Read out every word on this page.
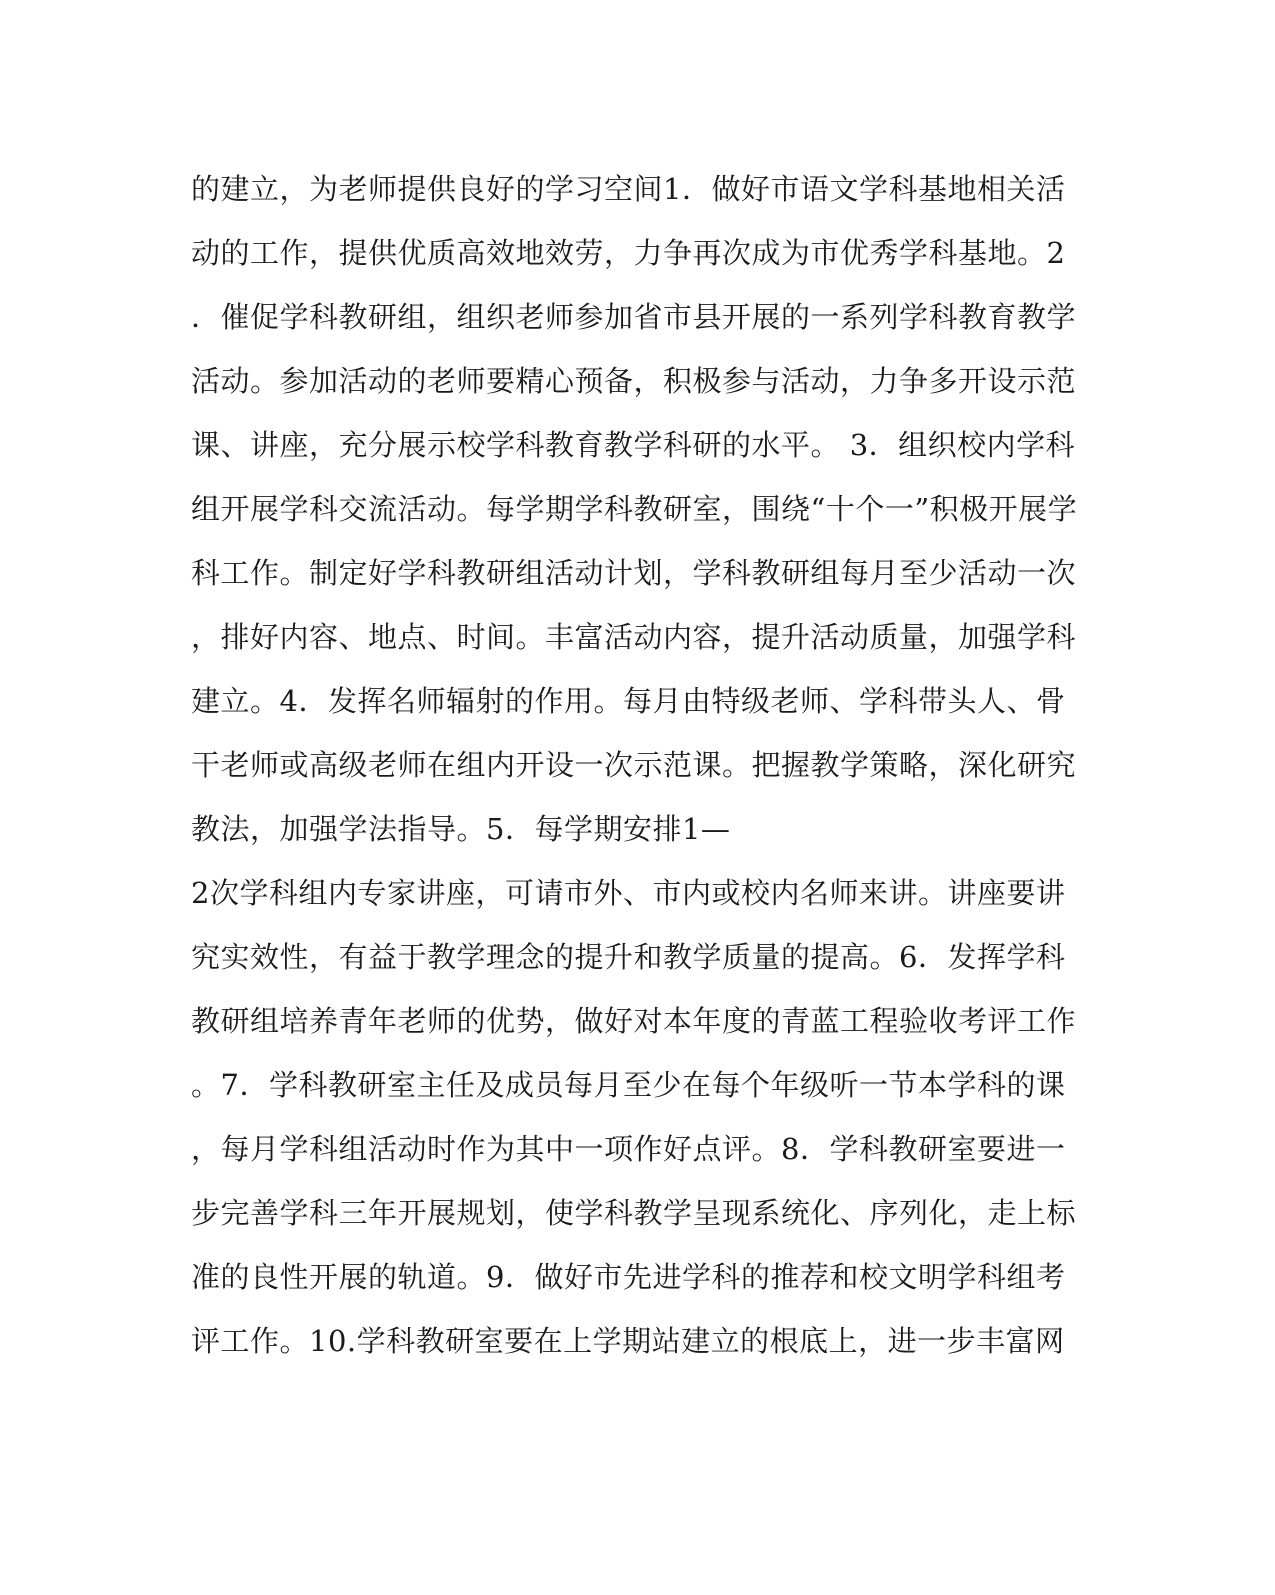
的建立，为老师提供良好的学习空间1．做好市语文学科基地相关活
动的工作，提供优质高效地效劳，力争再次成为市优秀学科基地。2
．催促学科教研组，组织老师参加省市县开展的一系列学科教育教学
活动。参加活动的老师要精心预备，积极参与活动，力争多开设示范
课、讲座，充分展示校学科教育教学科研的水平。 3．组织校内学科
组开展学科交流活动。每学期学科教研室，围绕“十个一”积极开展学
科工作。制定好学科教研组活动计划，学科教研组每月至少活动一次
，排好内容、地点、时间。丰富活动内容，提升活动质量，加强学科
建立。4．发挥名师辐射的作用。每月由特级老师、学科带头人、骨
干老师或高级老师在组内开设一次示范课。把握教学策略，深化研究
教法，加强学法指导。5．每学期安排1—
2次学科组内专家讲座，可请市外、市内或校内名师来讲。讲座要讲
究实效性，有益于教学理念的提升和教学质量的提高。6．发挥学科
教研组培养青年老师的优势，做好对本年度的青蓝工程验收考评工作
。7．学科教研室主任及成员每月至少在每个年级听一节本学科的课
，每月学科组活动时作为其中一项作好点评。8．学科教研室要进一
步完善学科三年开展规划，使学科教学呈现系统化、序列化，走上标
准的良性开展的轨道。9．做好市先进学科的推荐和校文明学科组考
评工作。10.学科教研室要在上学期站建立的根底上，进一步丰富网
